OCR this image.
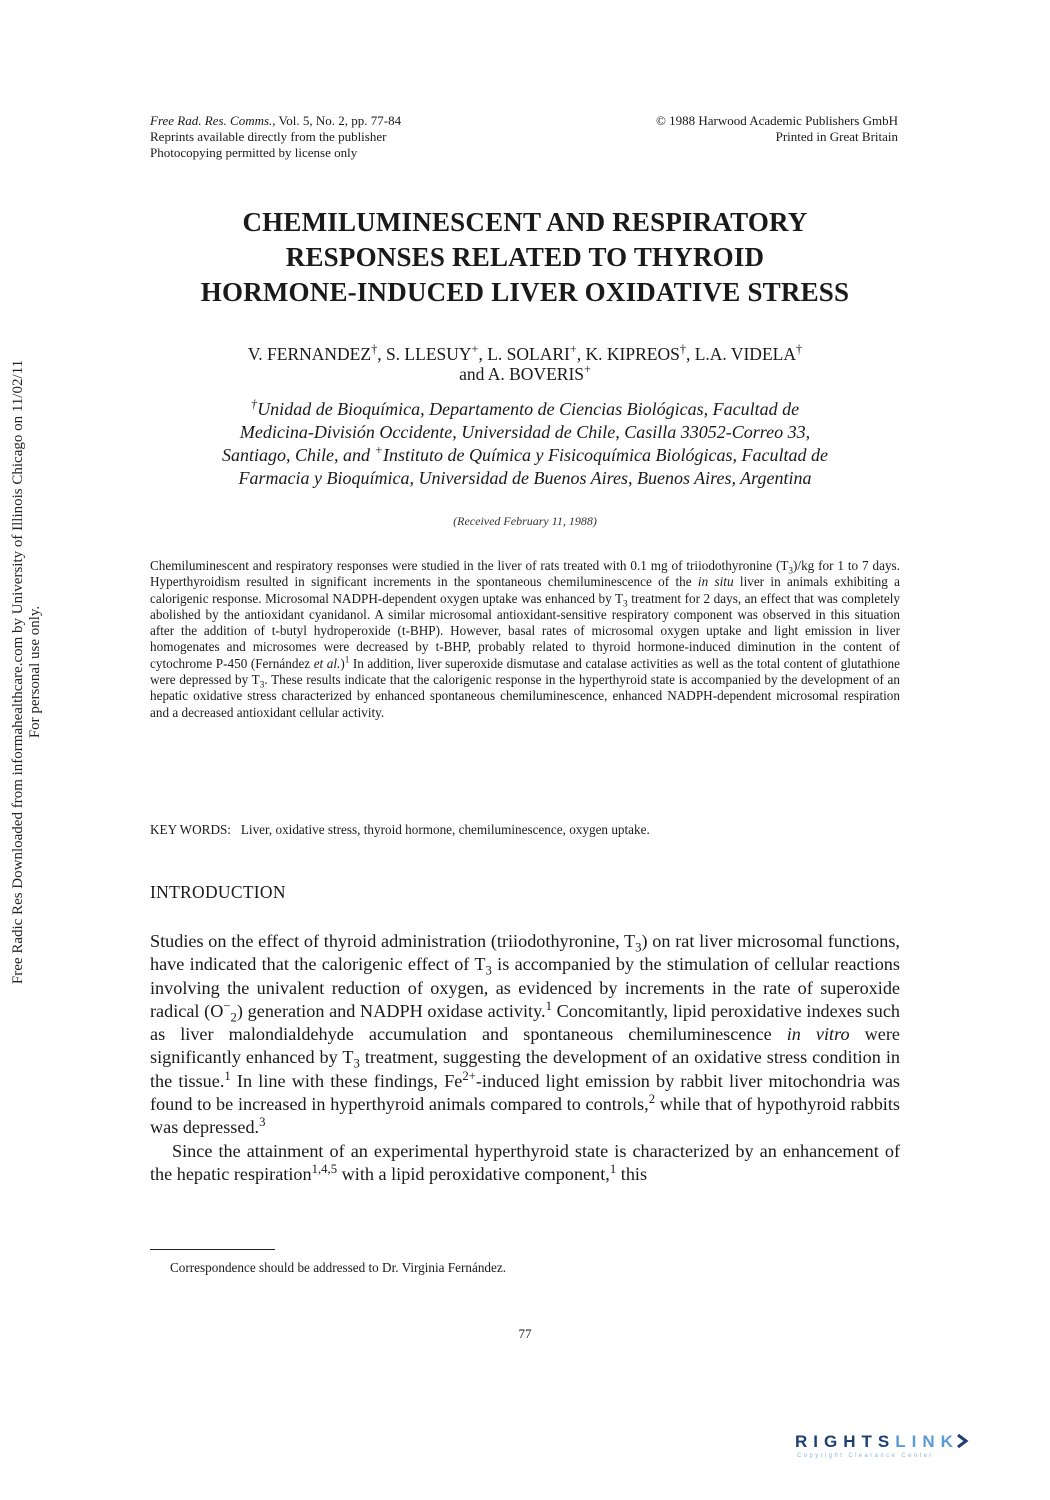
Free Radic Res Downloaded from informahealthcare.com by University of Illinois Chicago on 11/02/11 For personal use only.
Free Rad. Res. Comms., Vol. 5, No. 2, pp. 77-84
Reprints available directly from the publisher
Photocopying permitted by license only
© 1988 Harwood Academic Publishers GmbH
Printed in Great Britain
CHEMILUMINESCENT AND RESPIRATORY
RESPONSES RELATED TO THYROID
HORMONE-INDUCED LIVER OXIDATIVE STRESS
V. FERNANDEZ†, S. LLESUY+, L. SOLARI+, K. KIPREOS†, L.A. VIDELA†
and A. BOVERIS+
†Unidad de Bioquímica, Departamento de Ciencias Biológicas, Facultad de
Medicina-División Occidente, Universidad de Chile, Casilla 33052-Correo 33,
Santiago, Chile, and +Instituto de Química y Fisicoquímica Biológicas, Facultad de
Farmacia y Bioquímica, Universidad de Buenos Aires, Buenos Aires, Argentina
(Received February 11, 1988)
Chemiluminescent and respiratory responses were studied in the liver of rats treated with 0.1 mg of triiodothyronine $(T_3)/kg$ for 1 to 7 days. Hyperthyroidism resulted in significant increments in the spontaneous chemiluminescence of the in situ liver in animals exhibiting a calorigenic response. Microsomal NADPH-dependent oxygen uptake was enhanced by $T_3$ treatment for 2 days, an effect that was completely abolished by the antioxidant cyanidanol. A similar microsomal antioxidant-sensitive respiratory component was observed in this situation after the addition of t-butyl hydroperoxide (t-BHP). However, basal rates of microsomal oxygen uptake and light emission in liver homogenates and microsomes were decreased by t-BHP, probably related to thyroid hormone-induced diminution in the content of cytochrome P-450 (Fernández et al.)$^1$ In addition, liver superoxide dismutase and catalase activities as well as the total content of glutathione were depressed by $T_3$. These results indicate that the calorigenic response in the hyperthyroid state is accompanied by the development of an hepatic oxidative stress characterized by enhanced spontaneous chemiluminescence, enhanced NADPH-dependent microsomal respiration and a decreased antioxidant cellular activity.
KEY WORDS: Liver, oxidative stress, thyroid hormone, chemiluminescence, oxygen uptake.
INTRODUCTION

Studies on the effect of thyroid administration (triiodothyronine, $T_3$) on rat liver microsomal functions, have indicated that the calorigenic effect of $T_3$ is accompanied by the stimulation of cellular reactions involving the univalent reduction of oxygen, as evidenced by increments in the rate of superoxide radical $(O^-_2)$ generation and NADPH oxidase activity.$^1$ Concomitantly, lipid peroxidative indexes such as liver malondialdehyde accumulation and spontaneous chemiluminescence in vitro were significantly enhanced by $T_3$ treatment, suggesting the development of an oxidative stress condition in the tissue.$^1$ In line with these findings, $Fe^{2+}$-induced light emission by rabbit liver mitochondria was found to be increased in hyperthyroid animals compared to controls,$^2$ while that of hypothyroid rabbits was depressed.$^3$

Since the attainment of an experimental hyperthyroid state is characterized by an enhancement of the hepatic respiration$^{1,4,5}$ with a lipid peroxidative component,$^1$ this

Correspondence should be addressed to Dr. Virginia Fernández.
77
RIGHTSLINK
Copyright Clearance Center
